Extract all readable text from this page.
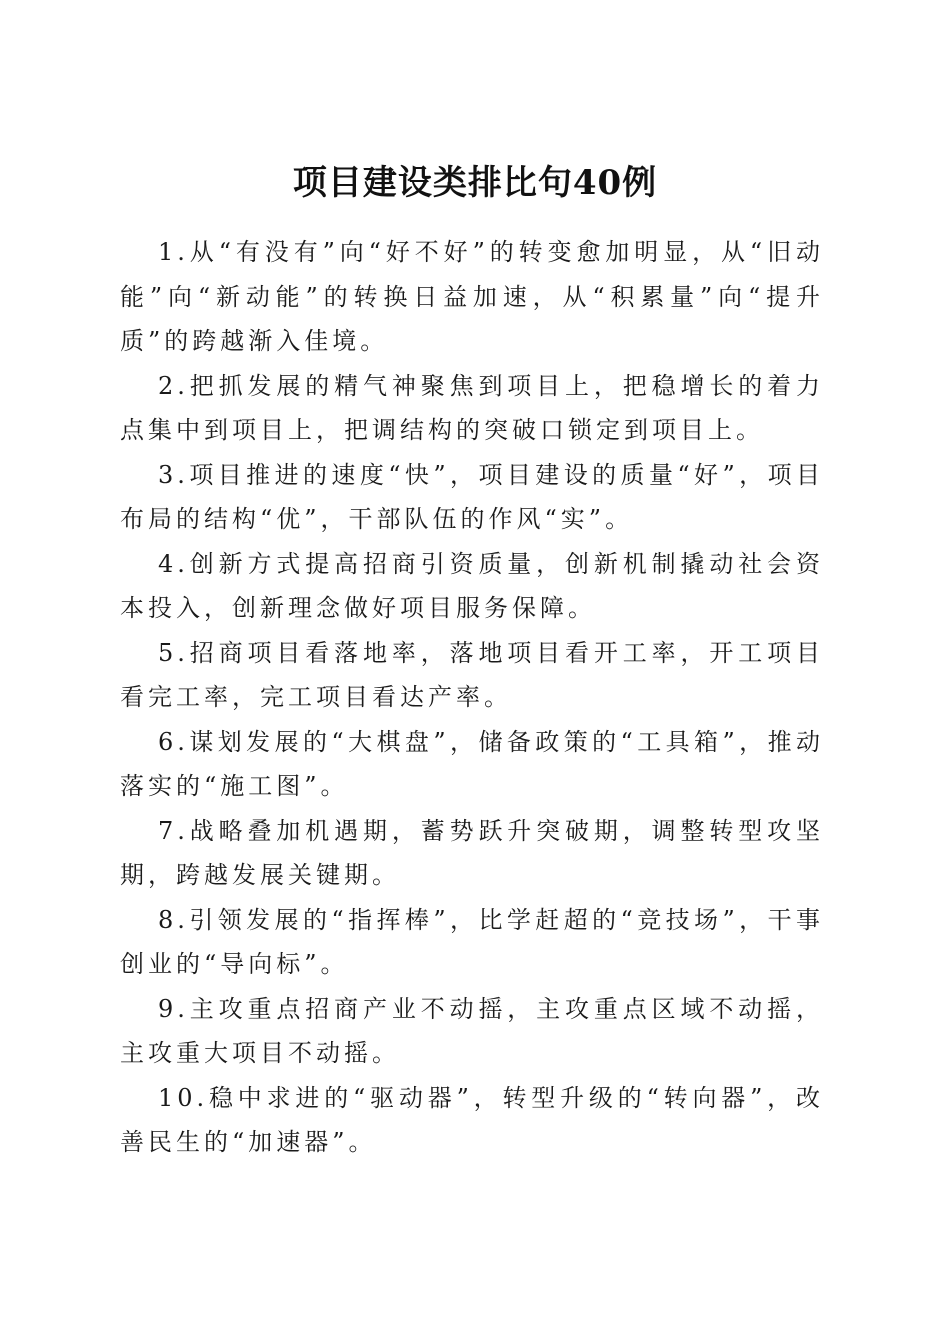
项目建设类排比句40例
1.从“有没有”向“好不好”的转变愈加明显，从“旧动能”向“新动能”的转换日益加速，从“积累量”向“提升质”的跨越渐入佳境。
2.把抓发展的精气神聚焦到项目上，把稳增长的着力点集中到项目上，把调结构的突破口锁定到项目上。
3.项目推进的速度“快”，项目建设的质量“好”，项目布局的结构“优”，干部队伍的作风“实”。
4.创新方式提高招商引资质量，创新机制撬动社会资本投入，创新理念做好项目服务保障。
5.招商项目看落地率，落地项目看开工率，开工项目看完工率，完工项目看达产率。
6.谋划发展的“大棋盘”，储备政策的“工具箱”，推动落实的“施工图”。
7.战略叠加机遇期，蓄势跃升突破期，调整转型攻坚期，跨越发展关键期。
8.引领发展的“指挥棒”，比学赶超的“竞技场”，干事创业的“导向标”。
9.主攻重点招商产业不动摇，主攻重点区域不动摇，主攻重大项目不动摇。
10.稳中求进的“驱动器”，转型升级的“转向器”，改善民生的“加速器”。
